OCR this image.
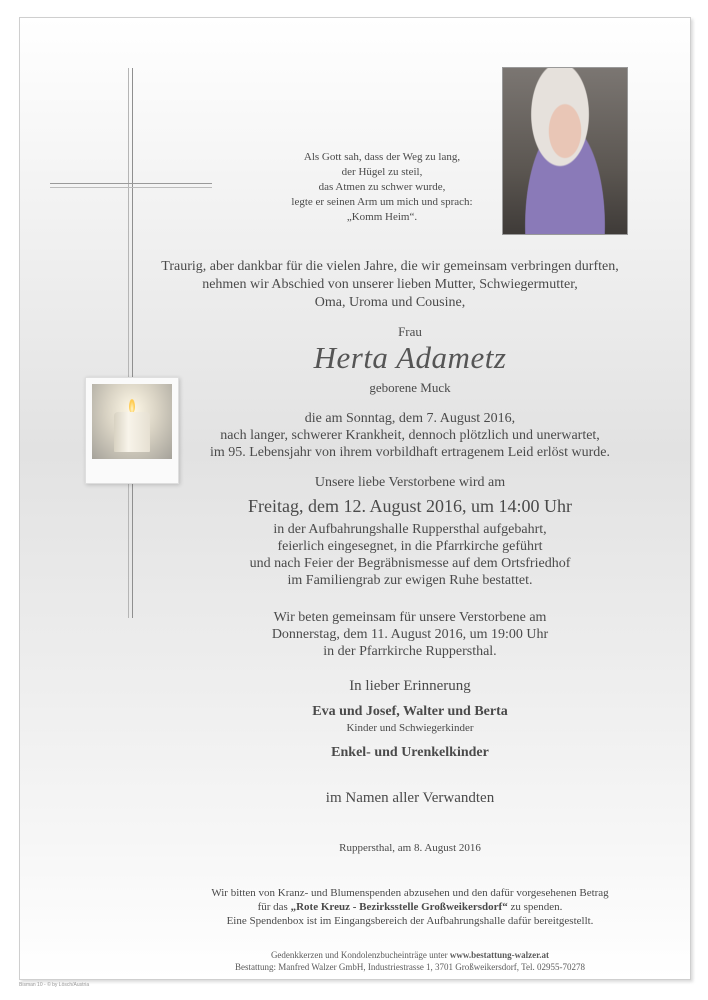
Als Gott sah, dass der Weg zu lang,
der Hügel zu steil,
das Atmen zu schwer wurde,
legte er seinen Arm um mich und sprach:
„Komm Heim“.
Traurig, aber dankbar für die vielen Jahre, die wir gemeinsam verbringen durften,
nehmen wir Abschied von unserer lieben Mutter, Schwiegermutter,
Oma, Uroma und Cousine,
Frau
Herta Adametz
geborene Muck
die am Sonntag, dem 7. August 2016,
nach langer, schwerer Krankheit, dennoch plötzlich und unerwartet,
im 95. Lebensjahr von ihrem vorbildhaft ertragenem Leid erlöst wurde.
Unsere liebe Verstorbene wird am
Freitag, dem 12. August 2016, um 14:00 Uhr
in der Aufbahrungshalle Ruppersthal aufgebahrt,
feierlich eingesegnet, in die Pfarrkirche geführt
und nach Feier der Begräbnismesse auf dem Ortsfriedhof
im Familiengrab zur ewigen Ruhe bestattet.
Wir beten gemeinsam für unsere Verstorbene am
Donnerstag, dem 11. August 2016, um 19:00 Uhr
in der Pfarrkirche Ruppersthal.
In lieber Erinnerung
Eva und Josef, Walter und Berta
Kinder und Schwiegerkinder
Enkel- und Urenkelkinder
im Namen aller Verwandten
Ruppersthal, am 8. August 2016
Wir bitten von Kranz- und Blumenspenden abzusehen und den dafür vorgesehenen Betrag
für das „Rote Kreuz - Bezirksstelle Großweikersdorf“ zu spenden.
Eine Spendenbox ist im Eingangsbereich der Aufbahrungshalle dafür bereitgestellt.
Gedenkkerzen und Kondolenzbucheinträge unter www.bestattung-walzer.at
Bestattung: Manfred Walzer GmbH, Industriestrasse 1, 3701 Großweikersdorf, Tel. 02955-70278
Bisman 10 - © by Lösch/Austria
